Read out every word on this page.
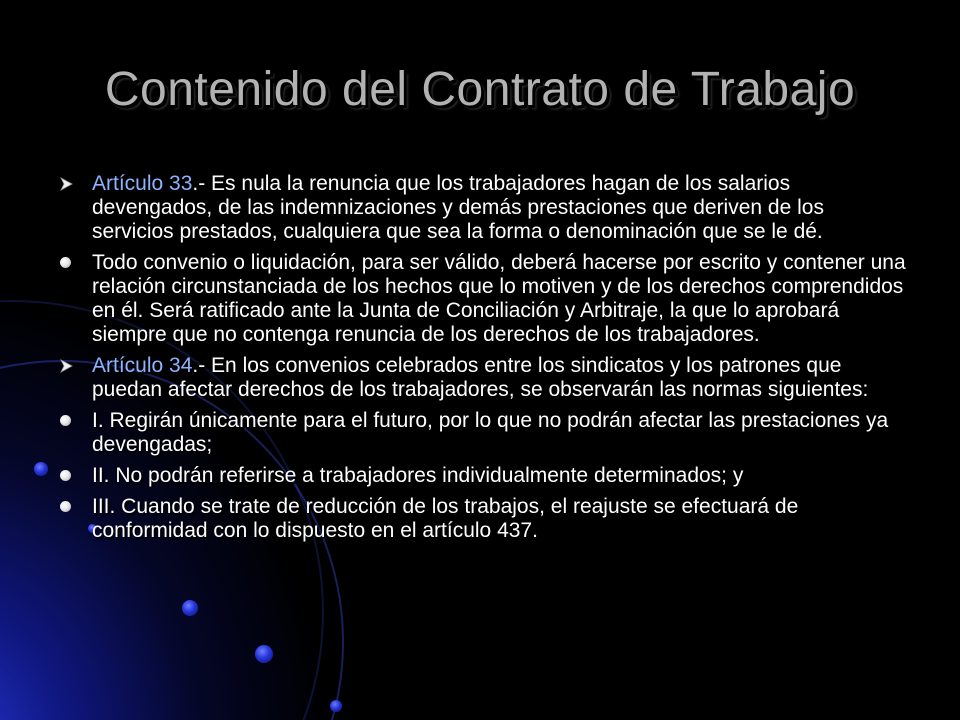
Contenido del Contrato de Trabajo
Artículo 33.- Es nula la renuncia que los trabajadores hagan de los salarios devengados, de las indemnizaciones y demás prestaciones que deriven de los servicios prestados, cualquiera que sea la forma o denominación que se le dé.
Todo convenio o liquidación, para ser válido, deberá hacerse por escrito y contener una relación circunstanciada de los hechos que lo motiven y de los derechos comprendidos en él. Será ratificado ante la Junta de Conciliación y Arbitraje, la que lo aprobará siempre que no contenga renuncia de los derechos de los trabajadores.
Artículo 34.- En los convenios celebrados entre los sindicatos y los patrones que puedan afectar derechos de los trabajadores, se observarán las normas siguientes:
I. Regirán únicamente para el futuro, por lo que no podrán afectar las prestaciones ya devengadas;
II. No podrán referirse a trabajadores individualmente determinados; y
III. Cuando se trate de reducción de los trabajos, el reajuste se efectuará de conformidad con lo dispuesto en el artículo 437.
